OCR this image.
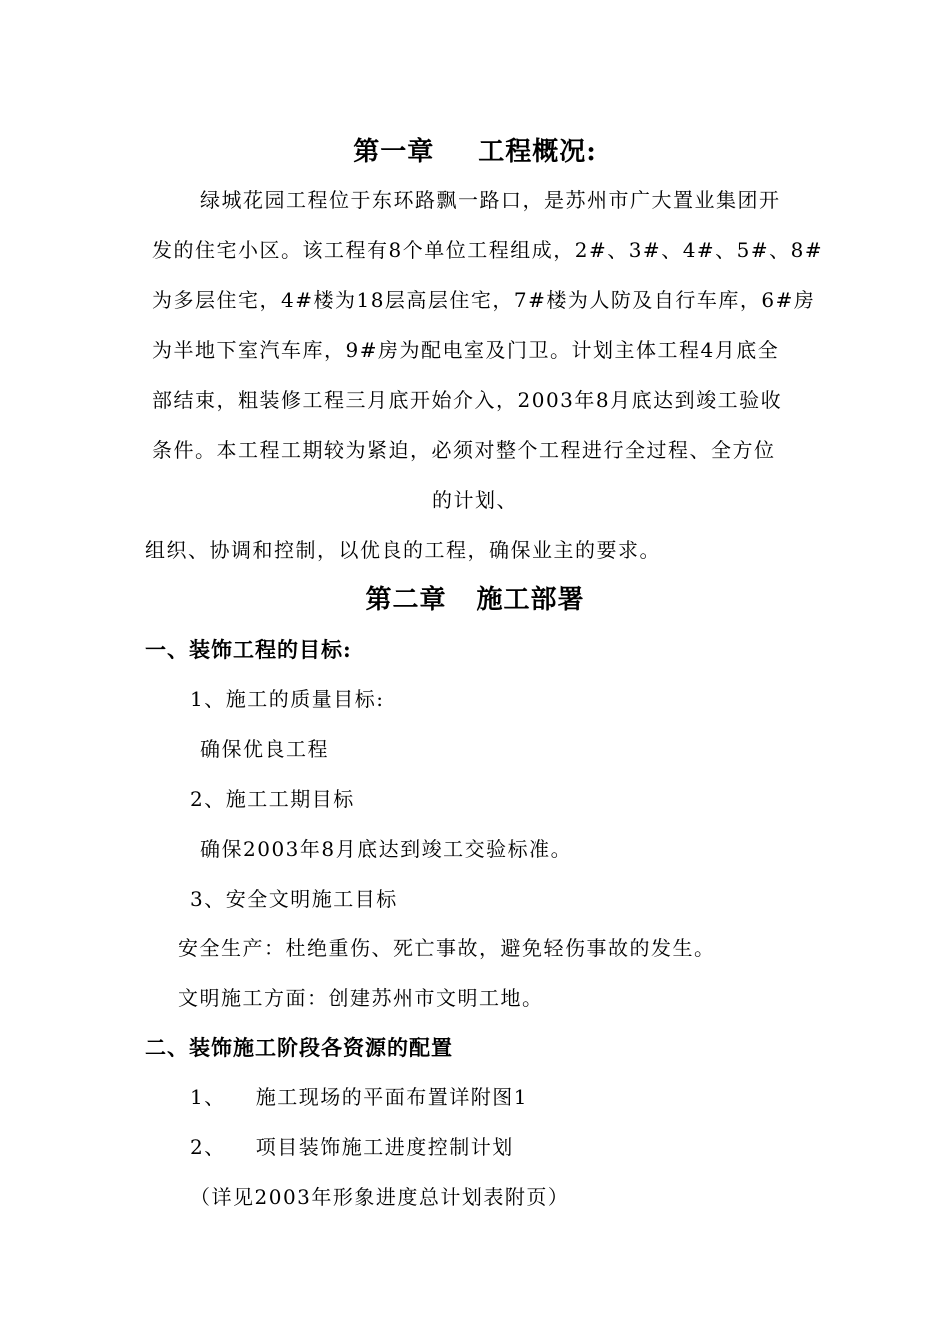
第一章 工程概况:
绿城花园工程位于东环路飘一路口，是苏州市广大置业集团开
发的住宅小区。该工程有8个单位工程组成，2#、3#、4#、5#、8#
为多层住宅，4#楼为18层高层住宅，7#楼为人防及自行车库，6#房
为半地下室汽车库，9#房为配电室及门卫。计划主体工程4月底全
部结束，粗装修工程三月底开始介入，2003年8月底达到竣工验收
条件。本工程工期较为紧迫，必须对整个工程进行全过程、全方位
的计划、
组织、协调和控制，以优良的工程，确保业主的要求。
第二章 施工部署
一、装饰工程的目标:
1、施工的质量目标:
确保优良工程
2、施工工期目标
确保2003年8月底达到竣工交验标准。
3、安全文明施工目标
安全生产：杜绝重伤、死亡事故，避免轻伤事故的发生。
文明施工方面：创建苏州市文明工地。
二、装饰施工阶段各资源的配置
1、 施工现场的平面布置详附图1
2、 项目装饰施工进度控制计划
（详见2003年形象进度总计划表附页）
